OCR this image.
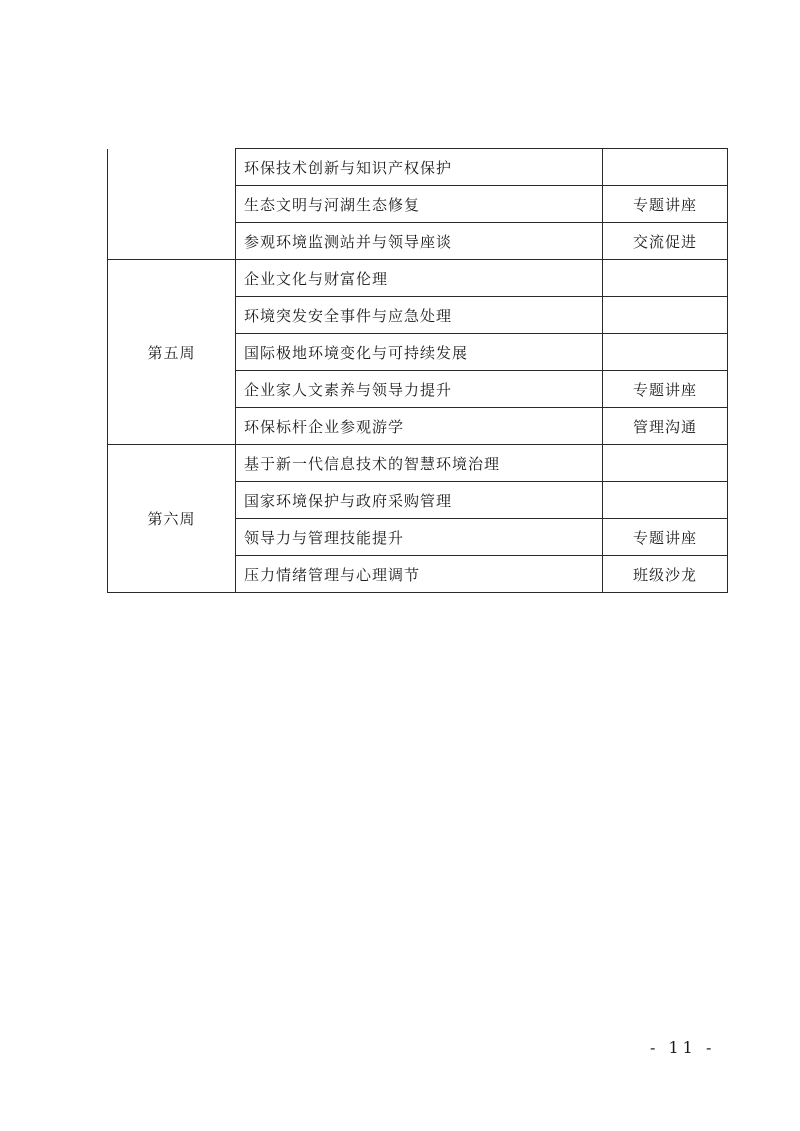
	环保技术创新与知识产权保护	
	生态文明与河湖生态修复	专题讲座
	参观环境监测站并与领导座谈	交流促进
第五周	企业文化与财富伦理	
	环境突发安全事件与应急处理	
	国际极地环境变化与可持续发展	
	企业家人文素养与领导力提升	专题讲座
	环保标杆企业参观游学	管理沟通
第六周	基于新一代信息技术的智慧环境治理	
	国家环境保护与政府采购管理	
	领导力与管理技能提升	专题讲座
	压力情绪管理与心理调节	班级沙龙
- 11 -
